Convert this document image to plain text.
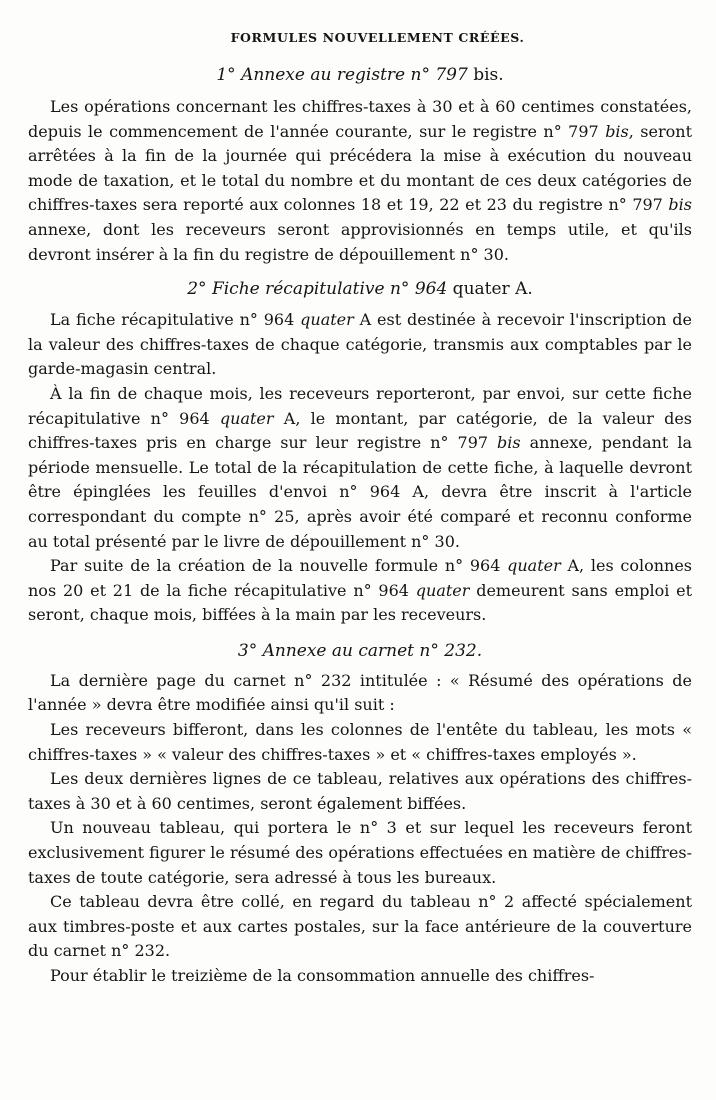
FORMULES NOUVELLEMENT CRÉÉES.
1° Annexe au registre n° 797 bis.

Les opérations concernant les chiffres-taxes à 30 et à 60 centimes constatées, depuis le commencement de l'année courante, sur le registre n° 797 bis, seront arrêtées à la fin de la journée qui précédera la mise à exécution du nouveau mode de taxation, et le total du nombre et du montant de ces deux catégories de chiffres-taxes sera reporté aux colonnes 18 et 19, 22 et 23 du registre n° 797 bis annexe, dont les receveurs seront approvisionnés en temps utile, et qu'ils devront insérer à la fin du registre de dépouillement n° 30.

2° Fiche récapitulative n° 964 quater A.

La fiche récapitulative n° 964 quater A est destinée à recevoir l'inscription de la valeur des chiffres-taxes de chaque catégorie, transmis aux comptables par le garde-magasin central.

À la fin de chaque mois, les receveurs reporteront, par envoi, sur cette fiche récapitulative n° 964 quater A, le montant, par catégorie, de la valeur des chiffres-taxes pris en charge sur leur registre n° 797 bis annexe, pendant la période mensuelle. Le total de la récapitulation de cette fiche, à laquelle devront être épinglées les feuilles d'envoi n° 964 A, devra être inscrit à l'article correspondant du compte n° 25, après avoir été comparé et reconnu conforme au total présenté par le livre de dépouillement n° 30.

Par suite de la création de la nouvelle formule n° 964 quater A, les colonnes nos 20 et 21 de la fiche récapitulative n° 964 quater demeurent sans emploi et seront, chaque mois, biffées à la main par les receveurs.

3° Annexe au carnet n° 232.

La dernière page du carnet n° 232 intitulée : « Résumé des opérations de l'année » devra être modifiée ainsi qu'il suit :

Les receveurs bifferont, dans les colonnes de l'entête du tableau, les mots « chiffres-taxes » « valeur des chiffres-taxes » et « chiffres-taxes employés ».

Les deux dernières lignes de ce tableau, relatives aux opérations des chiffres-taxes à 30 et à 60 centimes, seront également biffées.

Un nouveau tableau, qui portera le n° 3 et sur lequel les receveurs feront exclusivement figurer le résumé des opérations effectuées en matière de chiffres-taxes de toute catégorie, sera adressé à tous les bureaux.

Ce tableau devra être collé, en regard du tableau n° 2 affecté spécialement aux timbres-poste et aux cartes postales, sur la face antérieure de la couverture du carnet n° 232.

Pour établir le treizième de la consommation annuelle des chiffres-
